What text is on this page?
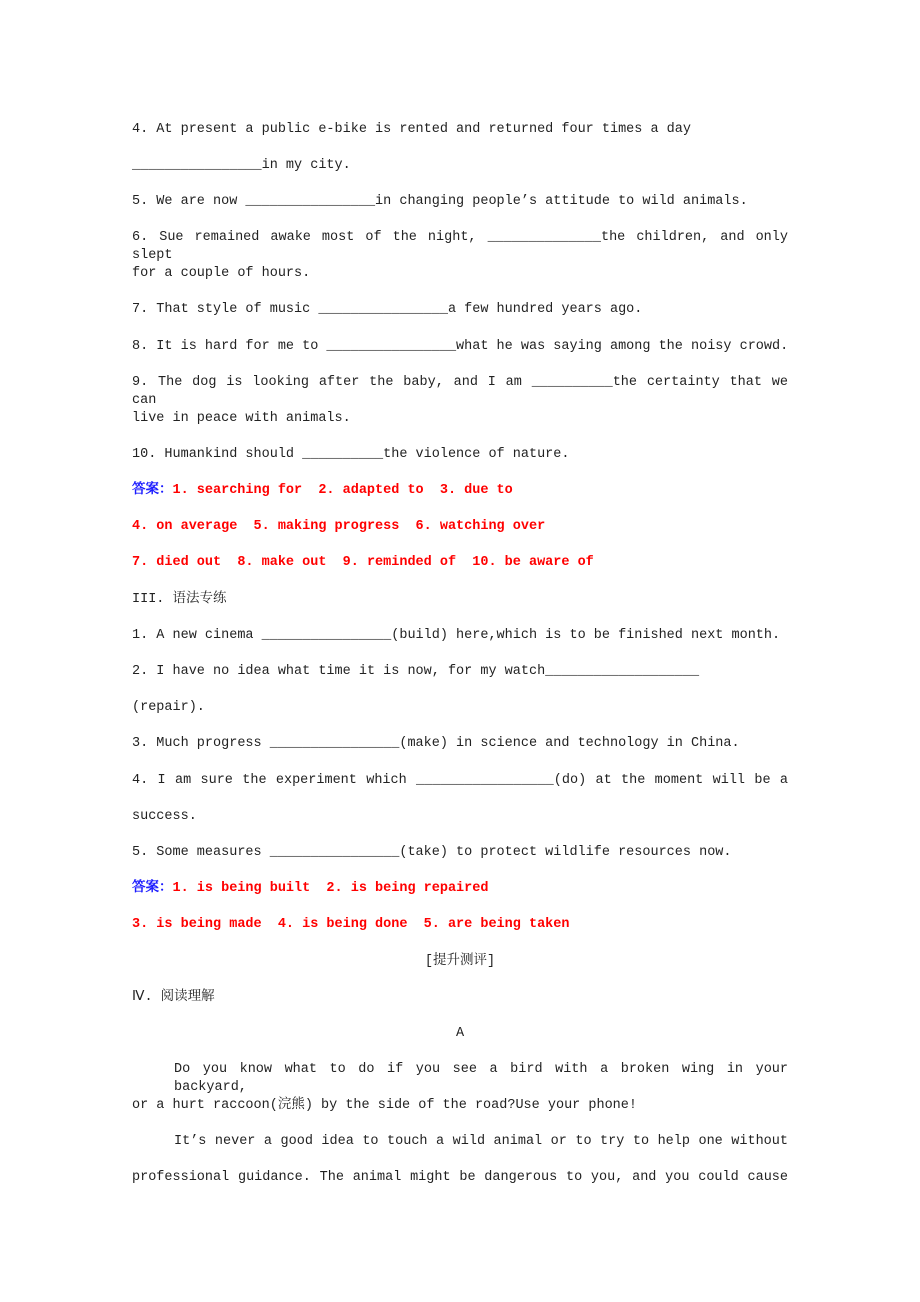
4. At present a public e-bike is rented and returned four times a day
________________in my city.
5. We are now ________________in changing people’s attitude to wild animals.
6. Sue remained awake most of the night, ______________the children, and only slept
for a couple of hours.
7. That style of music ________________a few hundred years ago.
8. It is hard for me to ________________what he was saying among the noisy crowd.
9. The dog is looking after the baby, and I am __________the certainty that we can
live in peace with animals.
10. Humankind should __________the violence of nature.
答案：1. searching for  2. adapted to  3. due to
4. on average  5. making progress  6. watching over
7. died out  8. make out  9. reminded of  10. be aware of
III. 语法专练
1. A new cinema ________________(build) here,which is to be finished next month.
2. I have no idea what time it is now, for my watch___________________
(repair).
3. Much progress ________________(make) in science and technology in China.
4. I am sure the experiment which _________________(do) at the moment will be a
success.
5. Some measures ________________(take) to protect wildlife resources now.
答案：1. is being built  2. is being repaired
3. is being made  4. is being done  5. are being taken
[提升测评]
Ⅳ. 阅读理解
A
Do you know what to do if you see a bird with a broken wing in your backyard,
or a hurt raccoon(浣熊) by the side of the road?Use your phone!
It’s never a good idea to touch a wild animal or to try to help one without
professional guidance. The animal might be dangerous to you, and you could cause
